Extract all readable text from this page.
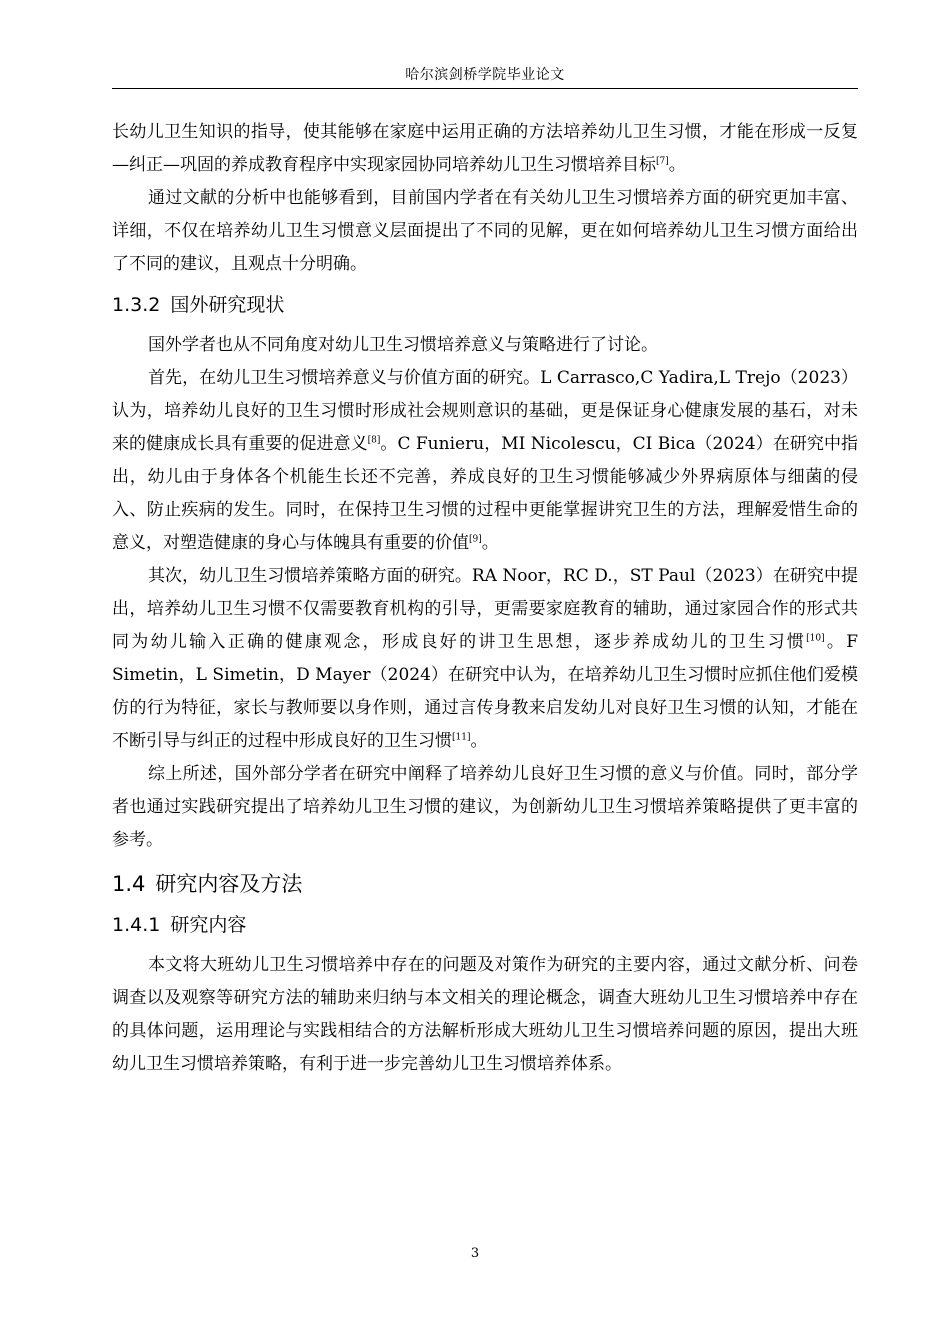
哈尔滨剑桥学院毕业论文

长幼儿卫生知识的指导，使其能够在家庭中运用正确的方法培养幼儿卫生习惯，才能在形成一反复—纠正—巩固的养成教育程序中实现家园协同培养幼儿卫生习惯培养目标[7]。

通过文献的分析中也能够看到，目前国内学者在有关幼儿卫生习惯培养方面的研究更加丰富、详细，不仅在培养幼儿卫生习惯意义层面提出了不同的见解，更在如何培养幼儿卫生习惯方面给出了不同的建议，且观点十分明确。

1.3.2 国外研究现状

国外学者也从不同角度对幼儿卫生习惯培养意义与策略进行了讨论。

首先，在幼儿卫生习惯培养意义与价值方面的研究。L Carrasco,C Yadira,L Trejo（2023）认为，培养幼儿良好的卫生习惯时形成社会规则意识的基础，更是保证身心健康发展的基石，对未来的健康成长具有重要的促进意义[8]。C Funieru，MI Nicolescu，CI Bica（2024）在研究中指出，幼儿由于身体各个机能生长还不完善，养成良好的卫生习惯能够减少外界病原体与细菌的侵入、防止疾病的发生。同时，在保持卫生习惯的过程中更能掌握讲究卫生的方法，理解爱惜生命的意义，对塑造健康的身心与体魄具有重要的价值[9]。

其次，幼儿卫生习惯培养策略方面的研究。RA Noor，RC D.，ST Paul（2023）在研究中提出，培养幼儿卫生习惯不仅需要教育机构的引导，更需要家庭教育的辅助，通过家园合作的形式共同为幼儿输入正确的健康观念，形成良好的讲卫生思想，逐步养成幼儿的卫生习惯[10]。F Simetin，L Simetin，D Mayer（2024）在研究中认为，在培养幼儿卫生习惯时应抓住他们爱模仿的行为特征，家长与教师要以身作则，通过言传身教来启发幼儿对良好卫生习惯的认知，才能在不断引导与纠正的过程中形成良好的卫生习惯[11]。

综上所述，国外部分学者在研究中阐释了培养幼儿良好卫生习惯的意义与价值。同时，部分学者也通过实践研究提出了培养幼儿卫生习惯的建议，为创新幼儿卫生习惯培养策略提供了更丰富的参考。

1.4 研究内容及方法
1.4.1 研究内容

本文将大班幼儿卫生习惯培养中存在的问题及对策作为研究的主要内容，通过文献分析、问卷调查以及观察等研究方法的辅助来归纳与本文相关的理论概念，调查大班幼儿卫生习惯培养中存在的具体问题，运用理论与实践相结合的方法解析形成大班幼儿卫生习惯培养问题的原因，提出大班幼儿卫生习惯培养策略，有利于进一步完善幼儿卫生习惯培养体系。

3
